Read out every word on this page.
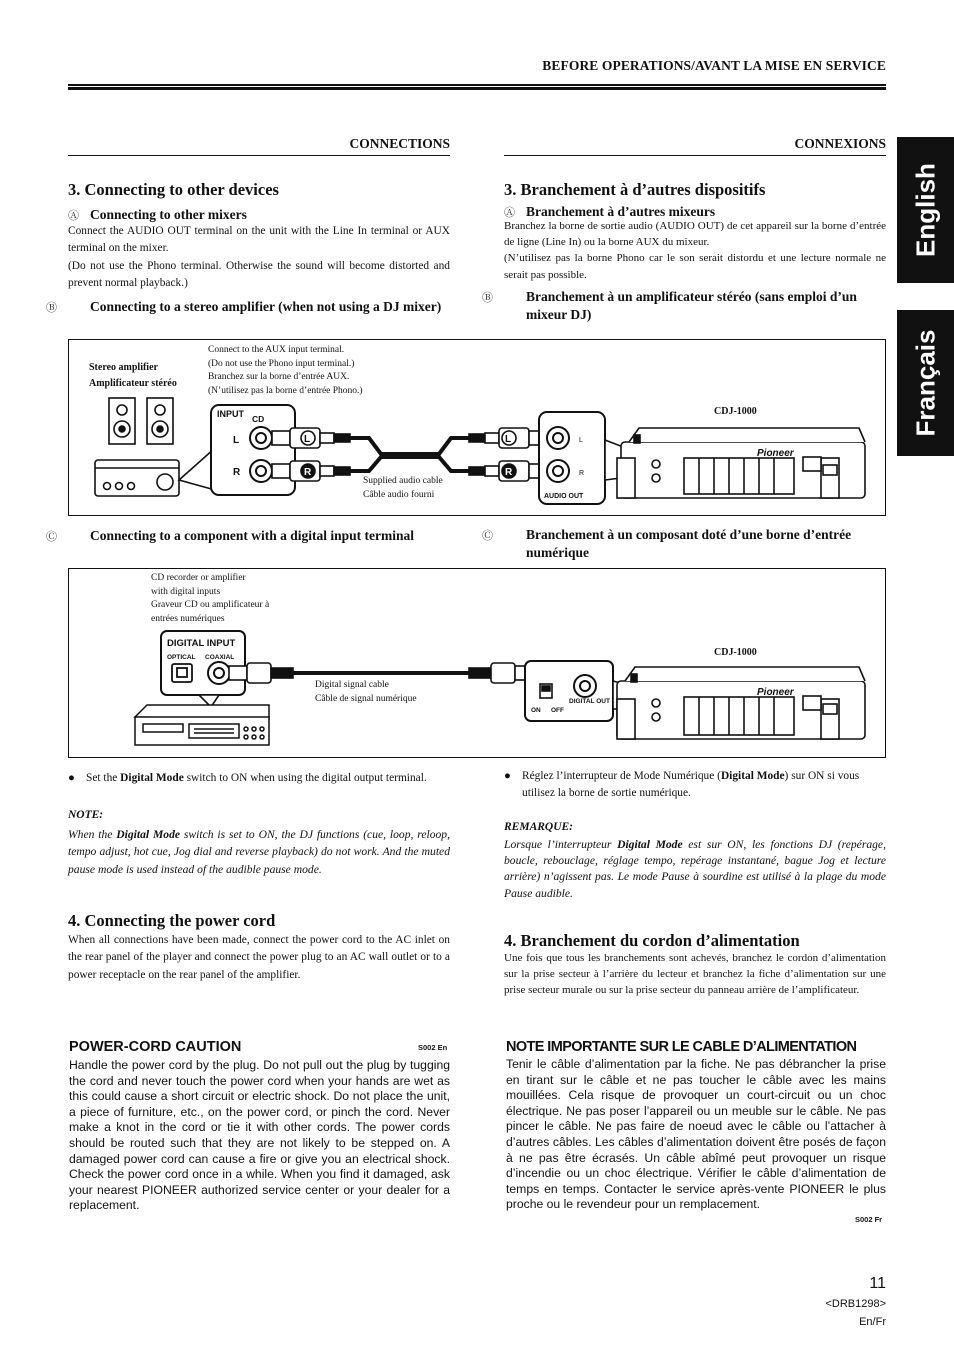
BEFORE OPERATIONS/AVANT LA MISE EN SERVICE
English
Français
CONNECTIONS
3. Connecting to other devices
Ⓐ Connecting to other mixers
Connect the AUDIO OUT terminal on the unit with the Line In terminal or AUX terminal on the mixer.
(Do not use the Phono terminal. Otherwise the sound will become distorted and prevent normal playback.)
Ⓑ Connecting to a stereo amplifier (when not using a DJ mixer)
CONNEXIONS
3. Branchement à d’autres dispositifs
Ⓐ Branchement à d’autres mixeurs
Branchez la borne de sortie audio (AUDIO OUT) de cet appareil sur la borne d’entrée de ligne (Line In) ou la borne AUX du mixeur.
(N’utilisez pas la borne Phono car le son serait distordu et une lecture normale ne serait pas possible.
Ⓑ Branchement à un amplificateur stéréo (sans emploi d’un mixeur DJ)
Stereo amplifier
Amplificateur stéréo
Connect to the AUX input terminal.
(Do not use the Phono input terminal.)
Branchez sur la borne d’entrée AUX.
(N’utilisez pas la borne d’entrée Phono.)
Supplied audio cable
Câble audio fourni
CDJ-1000
INPUT CD
L
R
L
R
L
R
L
R
AUDIO OUT
Pioneer
Ⓒ Connecting to a component with a digital input terminal	Ⓒ Branchement à un composant doté d’une borne d’entrée numérique
CD recorder or amplifier
with digital inputs
Graveur CD ou amplificateur à
entrées numériques
Digital signal cable
Câble de signal numérique
CDJ-1000
DIGITAL INPUT
OPTICAL COAXIAL
ON OFF
DIGITAL OUT
Pioneer
● Set the Digital Mode switch to ON when using the digital output terminal.	● Réglez l’interrupteur de Mode Numérique (Digital Mode) sur ON si vous utilisez la borne de sortie numérique.
NOTE:
When the Digital Mode switch is set to ON, the DJ functions (cue, loop, reloop, tempo adjust, hot cue, Jog dial and reverse playback) do not work. And the muted pause mode is used instead of the audible pause mode.
REMARQUE:
Lorsque l’interrupteur Digital Mode est sur ON, les fonctions DJ (repérage, boucle, rebouclage, réglage tempo, repérage instantané, bague Jog et lecture arrière) n’agissent pas. Le mode Pause à sourdine est utilisé à la plage du mode Pause audible.
4. Connecting the power cord
When all connections have been made, connect the power cord to the AC inlet on the rear panel of the player and connect the power plug to an AC wall outlet or to a power receptacle on the rear panel of the amplifier.
4. Branchement du cordon d’alimentation
Une fois que tous les branchements sont achevés, branchez le cordon d’alimentation sur la prise secteur à l’arrière du lecteur et branchez la fiche d’alimentation sur une prise secteur murale ou sur la prise secteur du panneau arrière de l’amplificateur.
POWER-CORD CAUTION	S002 En
Handle the power cord by the plug. Do not pull out the plug by tugging the cord and never touch the power cord when your hands are wet as this could cause a short circuit or electric shock. Do not place the unit, a piece of furniture, etc., on the power cord, or pinch the cord. Never make a knot in the cord or tie it with other cords. The power cords should be routed such that they are not likely to be stepped on. A damaged power cord can cause a fire or give you an electrical shock. Check the power cord once in a while. When you find it damaged, ask your nearest PIONEER authorized service center or your dealer for a replacement.
NOTE IMPORTANTE SUR LE CABLE D’ALIMENTATION
Tenir le câble d’alimentation par la fiche. Ne pas débrancher la prise en tirant sur le câble et ne pas toucher le câble avec les mains mouillées. Cela risque de provoquer un court-circuit ou un choc électrique. Ne pas poser l’appareil ou un meuble sur le câble. Ne pas pincer le câble. Ne pas faire de noeud avec le câble ou l’attacher à d’autres câbles. Les câbles d’alimentation doivent être posés de façon à ne pas être écrasés. Un câble abîmé peut provoquer un risque d’incendie ou un choc électrique. Vérifier le câble d’alimentation de temps en temps. Contacter le service après-vente PIONEER le plus proche ou le revendeur pour un remplacement.
S002 Fr
11
<DRB1298>
En/Fr
